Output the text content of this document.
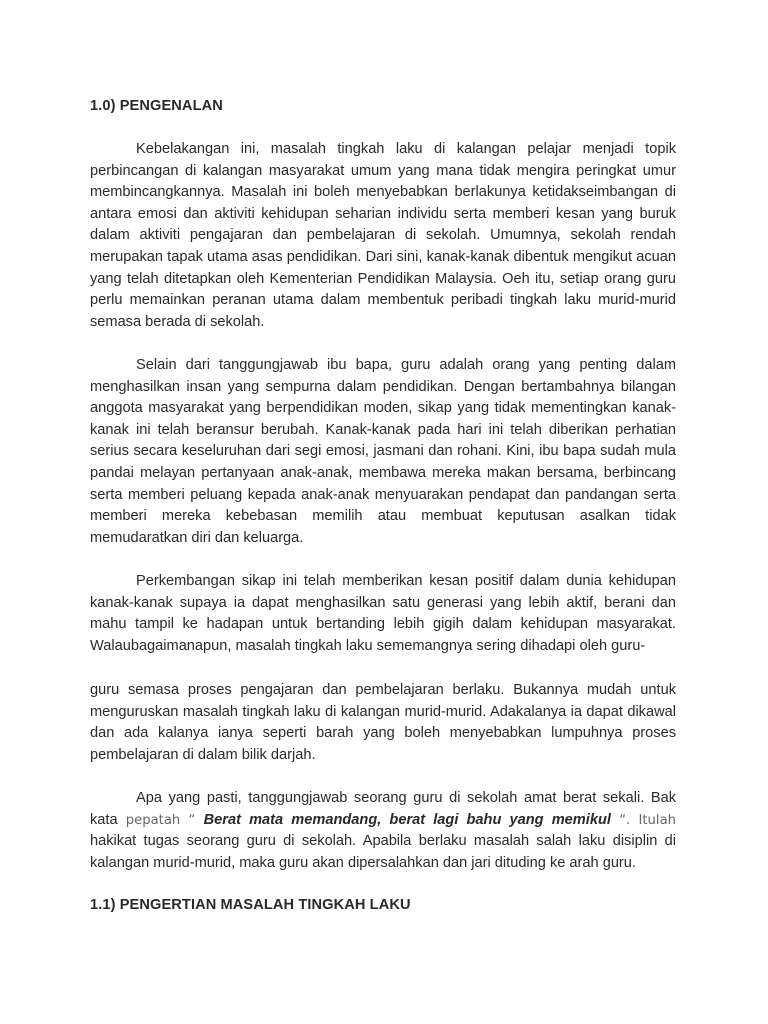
1.0) PENGENALAN

Kebelakangan ini, masalah tingkah laku di kalangan pelajar menjadi topik perbincangan di kalangan masyarakat umum yang mana tidak mengira peringkat umur membincangkannya. Masalah ini boleh menyebabkan berlakunya ketidakseimbangan di antara emosi dan aktiviti kehidupan seharian individu serta memberi kesan yang buruk dalam aktiviti pengajaran dan pembelajaran di sekolah. Umumnya, sekolah rendah merupakan tapak utama asas pendidikan. Dari sini, kanak-kanak dibentuk mengikut acuan yang telah ditetapkan oleh Kementerian Pendidikan Malaysia. Oeh itu, setiap orang guru perlu memainkan peranan utama dalam membentuk peribadi tingkah laku murid-murid semasa berada di sekolah.

Selain dari tanggungjawab ibu bapa, guru adalah orang yang penting dalam menghasilkan insan yang sempurna dalam pendidikan. Dengan bertambahnya bilangan anggota masyarakat yang berpendidikan moden, sikap yang tidak mementingkan kanak-kanak ini telah beransur berubah. Kanak-kanak pada hari ini telah diberikan perhatian serius secara keseluruhan dari segi emosi, jasmani dan rohani. Kini, ibu bapa sudah mula pandai melayan pertanyaan anak-anak, membawa mereka makan bersama, berbincang serta memberi peluang kepada anak-anak menyuarakan pendapat dan pandangan serta memberi mereka kebebasan memilih atau membuat keputusan asalkan tidak memudaratkan diri dan keluarga.

Perkembangan sikap ini telah memberikan kesan positif dalam dunia kehidupan kanak-kanak supaya ia dapat menghasilkan satu generasi yang lebih aktif, berani dan mahu tampil ke hadapan untuk bertanding lebih gigih dalam kehidupan masyarakat. Walaubagaimanapun, masalah tingkah laku sememangnya sering dihadapi oleh guru-

guru semasa proses pengajaran dan pembelajaran berlaku. Bukannya mudah untuk menguruskan masalah tingkah laku di kalangan murid-murid. Adakalanya ia dapat dikawal dan ada kalanya ianya seperti barah yang boleh menyebabkan lumpuhnya proses pembelajaran di dalam bilik darjah.

Apa yang pasti, tanggungjawab seorang guru di sekolah amat berat sekali. Bak kata pepatah “ Berat mata memandang, berat lagi bahu yang memikul “. Itulah hakikat tugas seorang guru di sekolah. Apabila berlaku masalah salah laku disiplin di kalangan murid-murid, maka guru akan dipersalahkan dan jari dituding ke arah guru.

1.1) PENGERTIAN MASALAH TINGKAH LAKU
